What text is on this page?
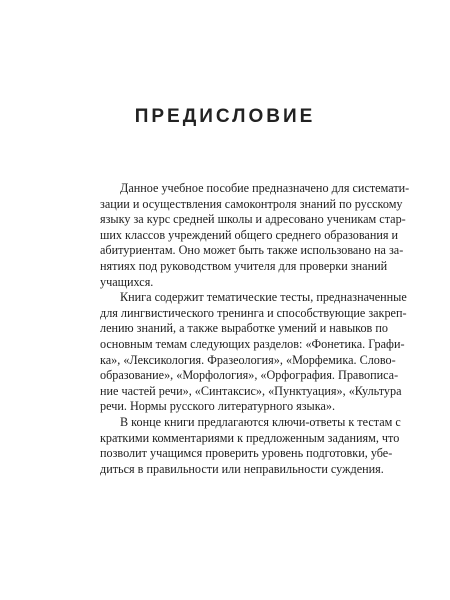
ПРЕДИСЛОВИЕ

Данное учебное пособие предназначено для системати-
зации и осуществления самоконтроля знаний по русскому
языку за курс средней школы и адресовано ученикам стар-
ших классов учреждений общего среднего образования и
абитуриентам. Оно может быть также использовано на за-
нятиях под руководством учителя для проверки знаний
учащихся.

Книга содержит тематические тесты, предназначенные
для лингвистического тренинга и способствующие закреп-
лению знаний, а также выработке умений и навыков по
основным темам следующих разделов: «Фонетика. Графи-
ка», «Лексикология. Фразеология», «Морфемика. Слово-
образование», «Морфология», «Орфография. Правописа-
ние частей речи», «Синтаксис», «Пунктуация», «Культура
речи. Нормы русского литературного языка».

В конце книги предлагаются ключи-ответы к тестам с
краткими комментариями к предложенным заданиям, что
позволит учащимся проверить уровень подготовки, убе-
диться в правильности или неправильности суждения.
